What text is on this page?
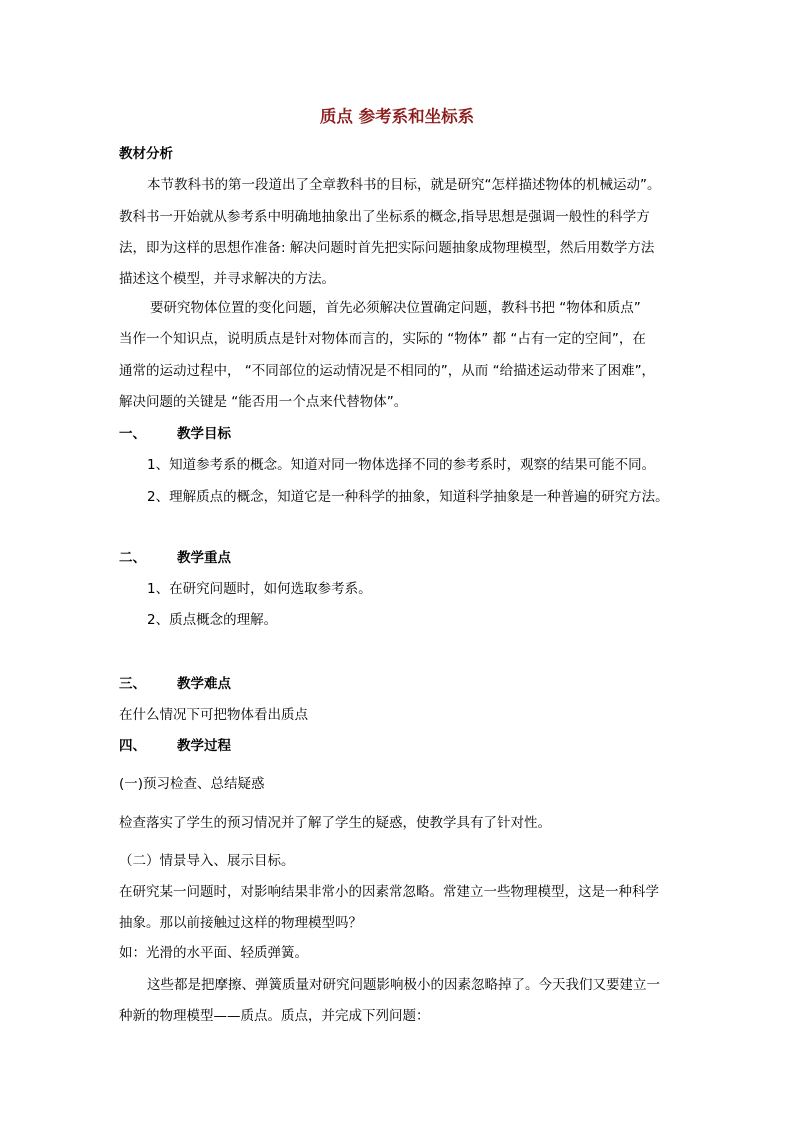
质点 参考系和坐标系
教材分析
本节教科书的第一段道出了全章教科书的目标，就是研究“怎样描述物体的机械运动”。
教科书一开始就从参考系中明确地抽象出了坐标系的概念,指导思想是强调一般性的科学方
法，即为这样的思想作准备: 解决问题时首先把实际问题抽象成物理模型，然后用数学方法
描述这个模型，并寻求解决的方法。
要研究物体位置的变化问题，首先必须解决位置确定问题，教科书把 “物体和质点”
当作一个知识点，说明质点是针对物体而言的，实际的 “物体” 都 “占有一定的空间”，在
通常的运动过程中， “不同部位的运动情况是不相同的”，从而 “给描述运动带来了困难”，
解决问题的关键是 “能否用一个点来代替物体”。
一、 教学目标
1、知道参考系的概念。知道对同一物体选择不同的参考系时，观察的结果可能不同。
2、理解质点的概念，知道它是一种科学的抽象，知道科学抽象是一种普遍的研究方法。
二、 教学重点
1、在研究问题时，如何选取参考系。
2、质点概念的理解。
三、 教学难点
在什么情况下可把物体看出质点
四、 教学过程
(一)预习检查、总结疑惑
检查落实了学生的预习情况并了解了学生的疑惑，使教学具有了针对性。
（二）情景导入、展示目标。
在研究某一问题时，对影响结果非常小的因素常忽略。常建立一些物理模型，这是一种科学
抽象。那以前接触过这样的物理模型吗？
如：光滑的水平面、轻质弹簧。
这些都是把摩擦、弹簧质量对研究问题影响极小的因素忽略掉了。今天我们又要建立一
种新的物理模型——质点。质点，并完成下列问题：
